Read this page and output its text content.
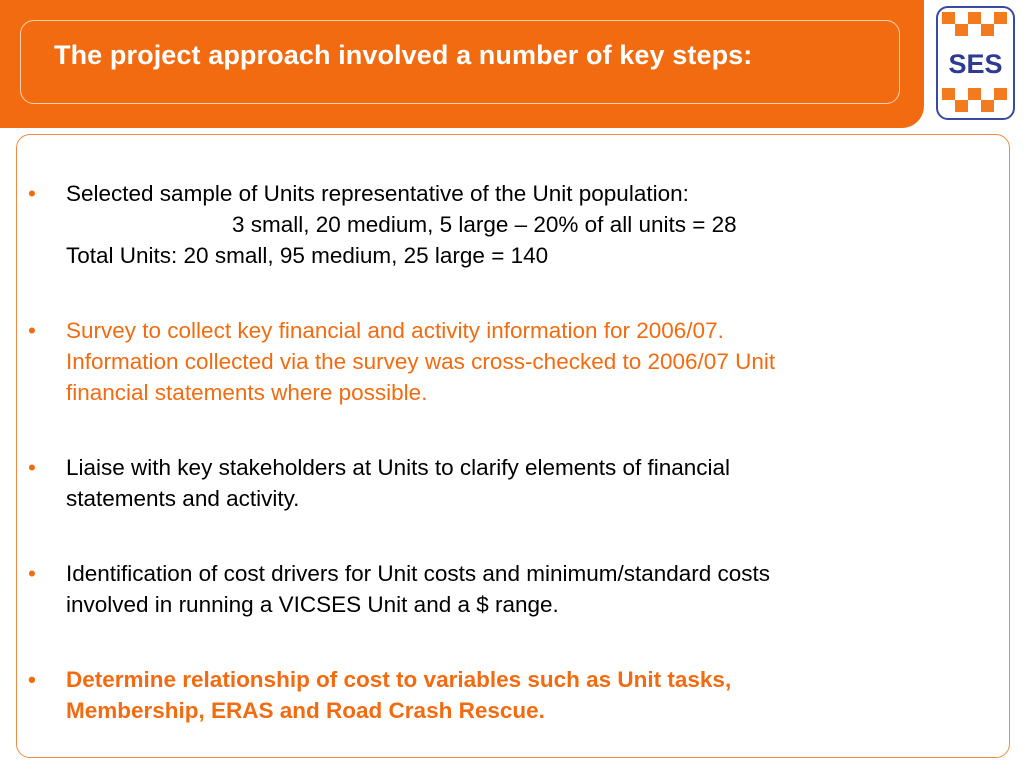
The project approach involved a number of key steps:	SES
• Selected sample of Units representative of the Unit population:
3 small, 20 medium, 5 large – 20% of all units = 28
Total Units: 20 small, 95 medium, 25 large = 140
• Survey to collect key financial and activity information for 2006/07.
Information collected via the survey was cross-checked to 2006/07 Unit
financial statements where possible.
• Liaise with key stakeholders at Units to clarify elements of financial
statements and activity.
• Identification of cost drivers for Unit costs and minimum/standard costs
involved in running a VICSES Unit and a $ range.
• Determine relationship of cost to variables such as Unit tasks,
Membership, ERAS and Road Crash Rescue.
